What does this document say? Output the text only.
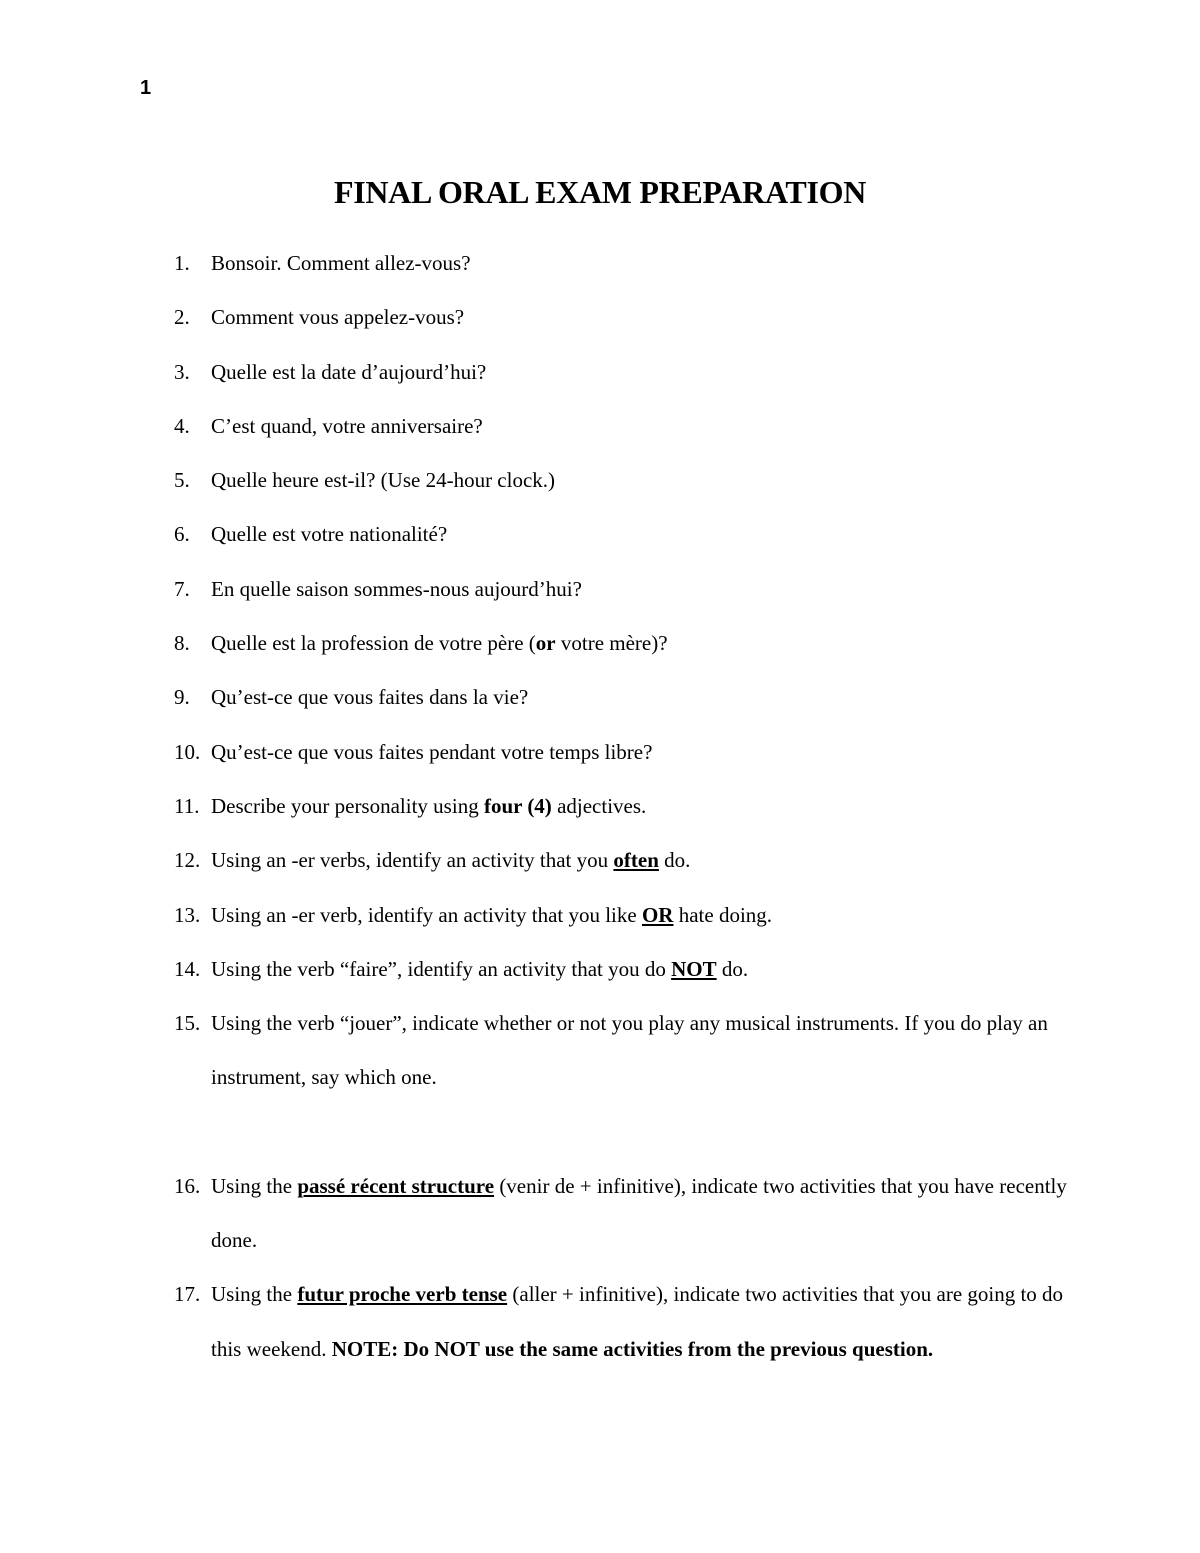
1
FINAL ORAL EXAM PREPARATION
1. Bonsoir. Comment allez-vous?
2. Comment vous appelez-vous?
3. Quelle est la date d’aujourd’hui?
4. C’est quand, votre anniversaire?
5. Quelle heure est-il? (Use 24-hour clock.)
6. Quelle est votre nationalité?
7. En quelle saison sommes-nous aujourd’hui?
8. Quelle est la profession de votre père (or votre mère)?
9. Qu’est-ce que vous faites dans la vie?
10. Qu’est-ce que vous faites pendant votre temps libre?
11. Describe your personality using four (4) adjectives.
12. Using an -er verbs, identify an activity that you often do.
13. Using an -er verb, identify an activity that you like OR hate doing.
14. Using the verb “faire”, identify an activity that you do NOT do.
15. Using the verb “jouer”, indicate whether or not you play any musical instruments. If you do play an instrument, say which one.
16. Using the passé récent structure (venir de + infinitive), indicate two activities that you have recently done.
17. Using the futur proche verb tense (aller + infinitive), indicate two activities that you are going to do this weekend. NOTE: Do NOT use the same activities from the previous question.
